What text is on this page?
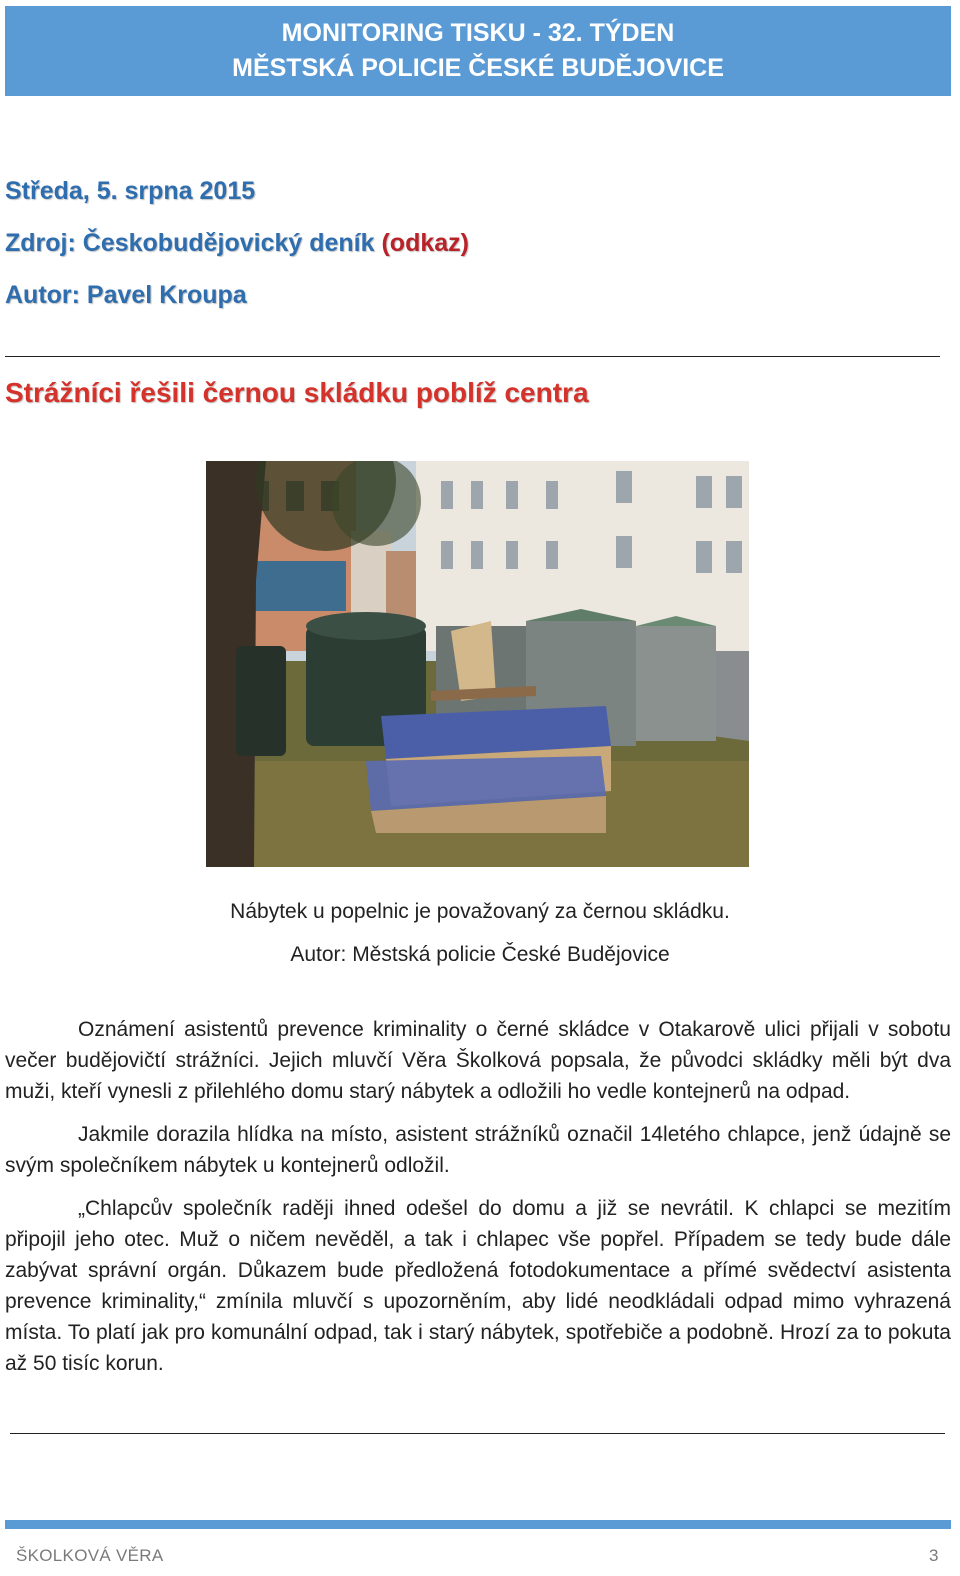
MONITORING TISKU - 32. TÝDEN
MĚSTSKÁ POLICIE ČESKÉ BUDĚJOVICE
Středa, 5. srpna 2015
Zdroj: Českobudějovický deník (odkaz)
Autor: Pavel Kroupa
Strážníci řešili černou skládku poblíž centra
Nábytek u popelnic je považovaný za černou skládku.
Autor: Městská policie České Budějovice

Oznámení asistentů prevence kriminality o černé skládce v Otakarově ulici přijali v sobotu večer budějovičtí strážníci. Jejich mluvčí Věra Školková popsala, že původci skládky měli být dva muži, kteří vynesli z přilehlého domu starý nábytek a odložili ho vedle kontejnerů na odpad.

Jakmile dorazila hlídka na místo, asistent strážníků označil 14letého chlapce, jenž údajně se svým společníkem nábytek u kontejnerů odložil.

„Chlapcův společník raději ihned odešel do domu a již se nevrátil. K chlapci se mezitím připojil jeho otec. Muž o ničem nevěděl, a tak i chlapec vše popřel. Případem se tedy bude dále zabývat správní orgán. Důkazem bude předložená fotodokumentace a přímé svědectví asistenta prevence kriminality,“ zmínila mluvčí s upozorněním, aby lidé neodkládali odpad mimo vyhrazená místa. To platí jak pro komunální odpad, tak i starý nábytek, spotřebiče a podobně. Hrozí za to pokuta až 50 tisíc korun.

ŠKOLKOVÁ VĚRA	3
